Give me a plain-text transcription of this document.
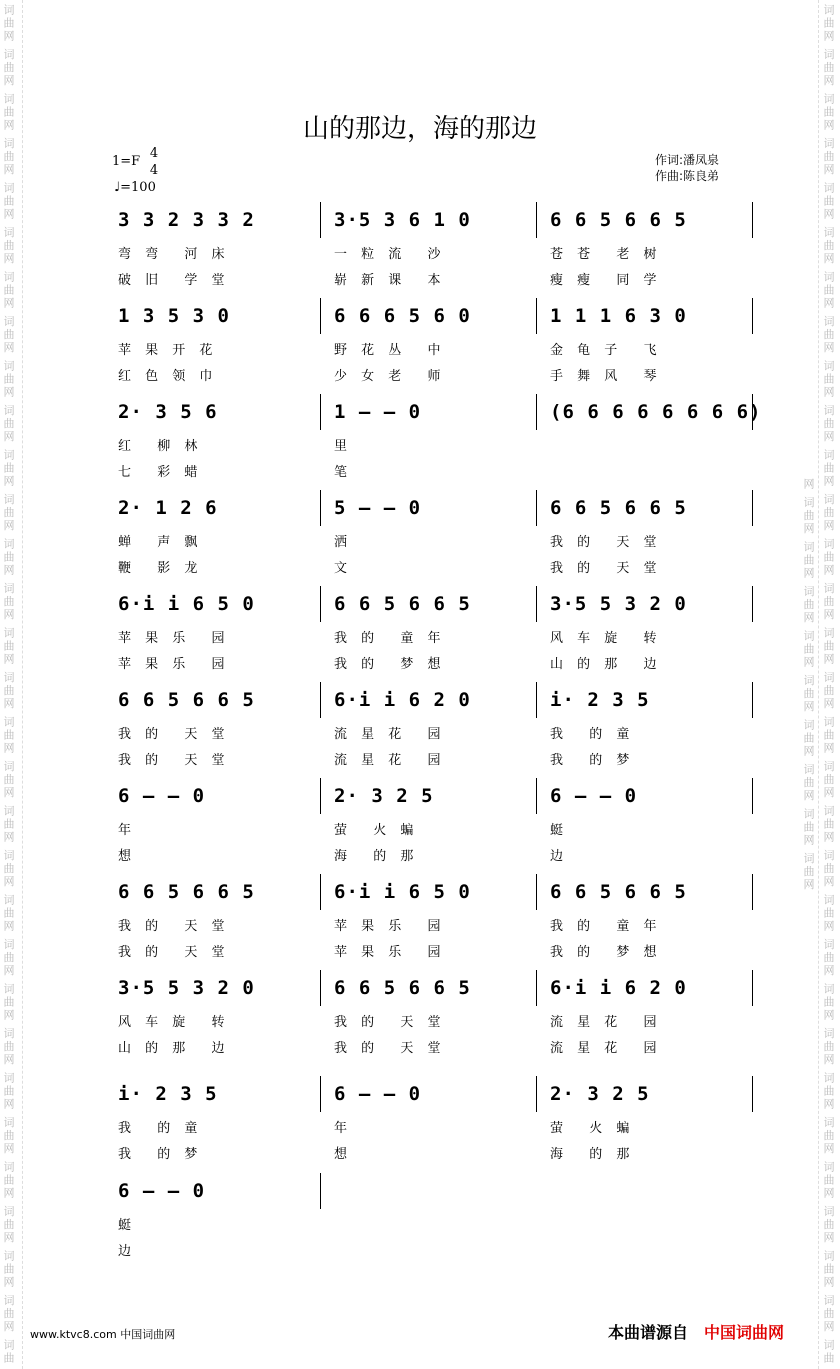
词曲网 词曲网 词曲网 词曲网 词曲网 词曲网 词曲网 词曲网 词曲网 词曲网 词曲网 词曲网 词曲网 词曲网 词曲网 词曲网 词曲网 词曲网 词曲网 词曲网 词曲网 词曲网 词曲网 词曲网 词曲网 词曲网 词曲网 词曲网 词曲网 词曲网 词曲	词曲网 词曲网 词曲网 词曲网 词曲网 词曲网 词曲网 词曲网 词曲网 词曲网 词曲网 词曲网 词曲网 词曲网 词曲网 词曲网 词曲网 词曲网 词曲网 词曲网 词曲网 词曲网 词曲网 词曲网 词曲网 词曲网 词曲网 词曲网 词曲网 词曲网 词曲网 词曲网 词曲网 词曲网 词曲网 词曲网 词曲网 词曲网 词曲网 词曲网
山的那边，海的那边
1=F
4
4
♩=100
作词:潘凤泉
作曲:陈良弟
3 3 2 3 3 2
弯 弯  河 床
破 旧  学 堂
3·5 3 6 1 0
一 粒 流  沙
崭 新 课  本
6 6 5 6 6 5
苍 苍  老 树
瘦 瘦  同 学
1 3 5 3 0
苹 果 开 花
红 色 领 巾
6 6 6 5 6 0
野 花 丛  中
少 女 老  师
1 1 1 6 3 0
金 龟 子  飞
手 舞 风  琴
2· 3 5 6
红  柳 林
七  彩 蜡
1 — — 0
里
笔
(6 6 6 6 6 6 6 6)
2· 1 2 6
蝉  声 飘
鞭  影 龙
5 — — 0
洒
文
6 6 5 6 6 5
我 的  天 堂
我 的  天 堂
6·i i 6 5 0
苹 果 乐  园
苹 果 乐  园
6 6 5 6 6 5
我 的  童 年
我 的  梦 想
3·5 5 3 2 0
风 车 旋  转
山 的 那  边
6 6 5 6 6 5
我 的  天 堂
我 的  天 堂
6·i i 6 2 0
流 星 花  园
流 星 花  园
i· 2 3 5
我  的 童
我  的 梦
6 — — 0
年
想
2· 3 2 5
萤  火 蝙
海  的 那
6 — — 0
蜓
边
6 6 5 6 6 5
我 的  天 堂
我 的  天 堂
6·i i 6 5 0
苹 果 乐  园
苹 果 乐  园
6 6 5 6 6 5
我 的  童 年
我 的  梦 想
3·5 5 3 2 0
风 车 旋  转
山 的 那  边
6 6 5 6 6 5
我 的  天 堂
我 的  天 堂
6·i i 6 2 0
流 星 花  园
流 星 花  园
i· 2 3 5
我  的 童
我  的 梦
6 — — 0
年
想
2· 3 2 5
萤  火 蝙
海  的 那
6 — — 0
蜓
边
www.ktvc8.com 中国词曲网	本曲谱源自 中国词曲网
